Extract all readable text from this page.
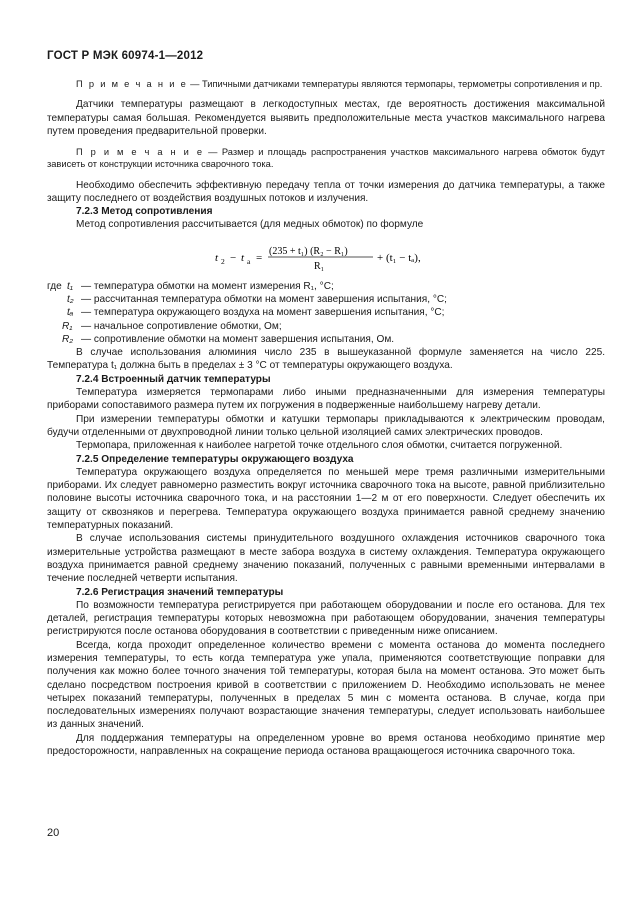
ГОСТ Р МЭК 60974-1—2012

П р и м е ч а н и е — Типичными датчиками температуры являются термопары, термометры сопротивления и пр.

Датчики температуры размещают в легкодоступных местах, где вероятность достижения максимальной температуры самая большая. Рекомендуется выявить предположительные места участков максимального нагрева путем проведения предварительной проверки.

П р и м е ч а н и е — Размер и площадь распространения участков максимального нагрева обмоток будут зависеть от конструкции источника сварочного тока.

Необходимо обеспечить эффективную передачу тепла от точки измерения до датчика температуры, а также защиту последнего от воздействия воздушных потоков и излучения.

7.2.3 Метод сопротивления

Метод сопротивления рассчитывается (для медных обмоток) по формуле

t 2 − t a =
(235 + t₁) (R₂ − R₁)
R₁
+ (t₁ − tₐ),
где t₁ — температура обмотки на момент измерения R₁, °С;
t₂ — рассчитанная температура обмотки на момент завершения испытания, °С;
tₐ — температура окружающего воздуха на момент завершения испытания, °С;
R₁ — начальное сопротивление обмотки, Ом;
R₂ — сопротивление обмотки на момент завершения испытания, Ом.

В случае использования алюминия число 235 в вышеуказанной формуле заменяется на число 225. Температура t₁ должна быть в пределах ± 3 °С от температуры окружающего воздуха.

7.2.4 Встроенный датчик температуры

Температура измеряется термопарами либо иными предназначенными для измерения температуры приборами сопоставимого размера путем их погружения в подверженные наибольшему нагреву детали.

При измерении температуры обмотки и катушки термопары прикладываются к электрическим проводам, будучи отделенными от двухпроводной линии только цельной изоляцией самих электрических проводов.

Термопара, приложенная к наиболее нагретой точке отдельного слоя обмотки, считается погруженной.

7.2.5 Определение температуры окружающего воздуха

Температура окружающего воздуха определяется по меньшей мере тремя различными измерительными приборами. Их следует равномерно разместить вокруг источника сварочного тока на высоте, равной приблизительно половине высоты источника сварочного тока, и на расстоянии 1—2 м от его поверхности. Следует обеспечить их защиту от сквозняков и перегрева. Температура окружающего воздуха принимается равной среднему значению температурных показаний.

В случае использования системы принудительного воздушного охлаждения источников сварочного тока измерительные устройства размещают в месте забора воздуха в систему охлаждения. Температура окружающего воздуха принимается равной среднему значению показаний, полученных с равными временными интервалами в течение последней четверти испытания.

7.2.6 Регистрация значений температуры

По возможности температура регистрируется при работающем оборудовании и после его останова. Для тех деталей, регистрация температуры которых невозможна при работающем оборудовании, значения температуры регистрируются после останова оборудования в соответствии с приведенным ниже описанием.

Всегда, когда проходит определенное количество времени с момента останова до момента последнего измерения температуры, то есть когда температура уже упала, применяются соответствующие поправки для получения как можно более точного значения той температуры, которая была на момент останова. Это может быть сделано посредством построения кривой в соответствии с приложением D. Необходимо использовать не менее четырех показаний температуры, полученных в пределах 5 мин с момента останова. В случае, когда при последовательных измерениях получают возрастающие значения температуры, следует использовать наибольшее из данных значений.

Для поддержания температуры на определенном уровне во время останова необходимо принятие мер предосторожности, направленных на сокращение периода останова вращающегося источника сварочного тока.

20
